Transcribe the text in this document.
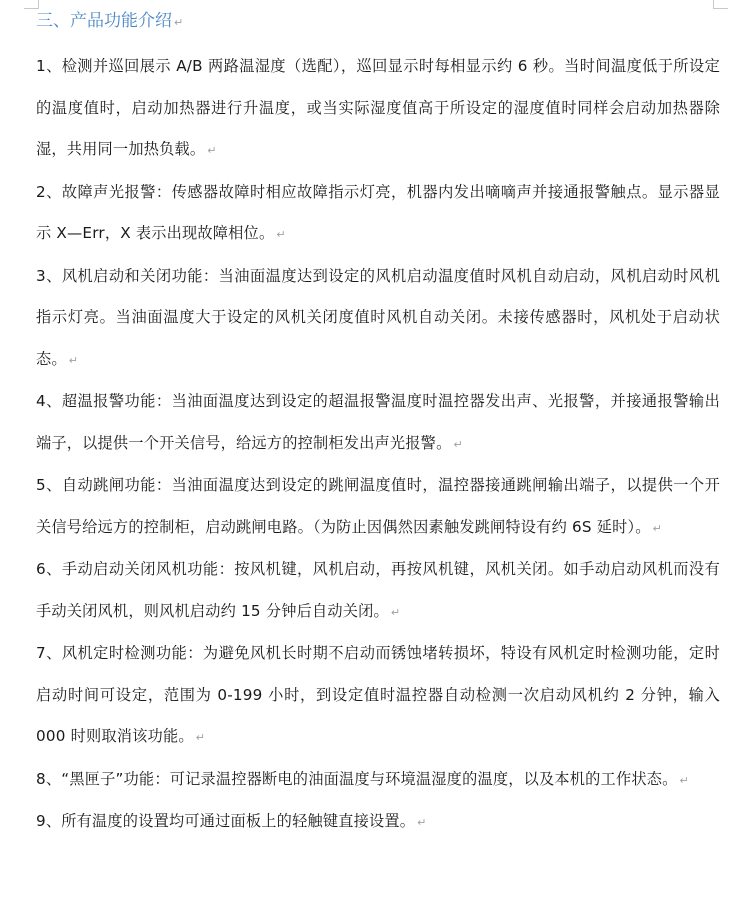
三、产品功能介绍 ↵
1、检测并巡回展示 A/B 两路温湿度（选配），巡回显示时每相显示约 6 秒。当时间温度低于所设定的温度值时，启动加热器进行升温度，或当实际湿度值高于所设定的湿度值时同样会启动加热器除湿，共用同一加热负载。 ↵
2、故障声光报警：传感器故障时相应故障指示灯亮，机器内发出嘀嘀声并接通报警触点。显示器显示 X—Err，X 表示出现故障相位。 ↵
3、风机启动和关闭功能：当油面温度达到设定的风机启动温度值时风机自动启动，风机启动时风机指示灯亮。当油面温度大于设定的风机关闭度值时风机自动关闭。未接传感器时，风机处于启动状态。 ↵
4、超温报警功能：当油面温度达到设定的超温报警温度时温控器发出声、光报警，并接通报警输出端子，以提供一个开关信号，给远方的控制柜发出声光报警。 ↵
5、自动跳闸功能：当油面温度达到设定的跳闸温度值时，温控器接通跳闸输出端子，以提供一个开关信号给远方的控制柜，启动跳闸电路。（为防止因偶然因素触发跳闸特设有约 6S 延时）。 ↵
6、手动启动关闭风机功能：按风机键，风机启动，再按风机键，风机关闭。如手动启动风机而没有手动关闭风机，则风机启动约 15 分钟后自动关闭。 ↵
7、风机定时检测功能：为避免风机长时期不启动而锈蚀堵转损坏，特设有风机定时检测功能，定时启动时间可设定，范围为 0-199 小时，到设定值时温控器自动检测一次启动风机约 2 分钟，输入 000 时则取消该功能。 ↵
8、“黑匣子”功能：可记录温控器断电的油面温度与环境温湿度的温度，以及本机的工作状态。 ↵
9、所有温度的设置均可通过面板上的轻触键直接设置。 ↵
